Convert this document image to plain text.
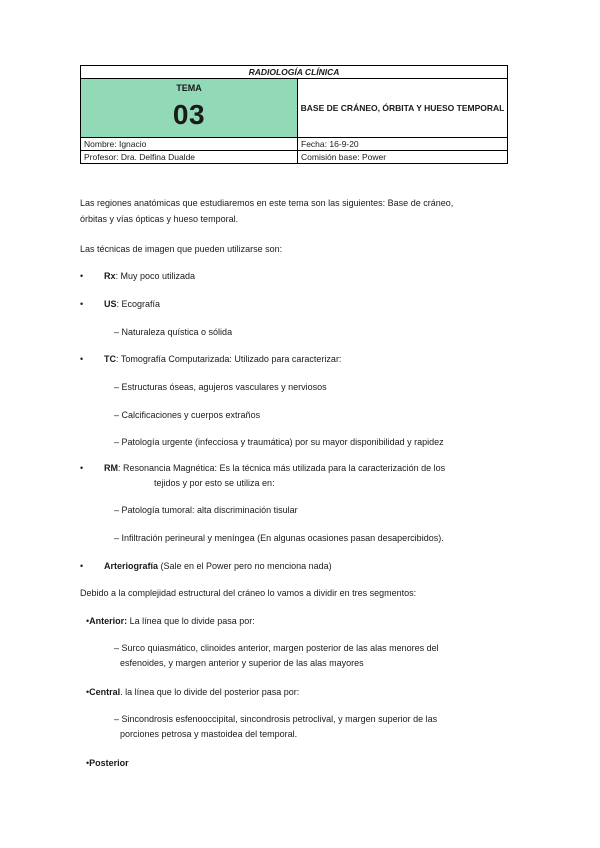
RADIOLOGÍA CLÍNICA	

TEMA
03	BASE DE CRÁNEO, ÓRBITA Y HUESO TEMPORAL
Nombre: Ignacio	Fecha: 16-9-20
Profesor: Dra. Delfina Dualde	Comisión base: Power
Las regiones anatómicas que estudiaremos en este tema son las siguientes: Base de cráneo,
órbitas y vías ópticas y hueso temporal.
Las técnicas de imagen que pueden utilizarse son:
• Rx: Muy poco utilizada
• US: Ecografía
– Naturaleza quística o sólida
• TC: Tomografía Computarizada: Utilizado para caracterizar:
– Estructuras óseas, agujeros vasculares y nerviosos
– Calcificaciones y cuerpos extraños
– Patología urgente (infecciosa y traumática) por su mayor disponibilidad y rapidez
• RM: Resonancia Magnética: Es la técnica más utilizada para la caracterización de los
tejidos y por esto se utiliza en:
– Patología tumoral: alta discriminación tisular
– Infiltración perineural y meníngea (En algunas ocasiones pasan desapercibidos).
• Arteriografía (Sale en el Power pero no menciona nada)
Debido a la complejidad estructural del cráneo lo vamos a dividir en tres segmentos:
•Anterior: La línea que lo divide pasa por:
– Surco quiasmático, clinoides anterior, margen posterior de las alas menores del
esfenoides, y margen anterior y superior de las alas mayores
•Central. la línea que lo divide del posterior pasa por:
– Sincondrosis esfenooccipital, sincondrosis petroclival, y margen superior de las
porciones petrosa y mastoidea del temporal.
•Posterior
